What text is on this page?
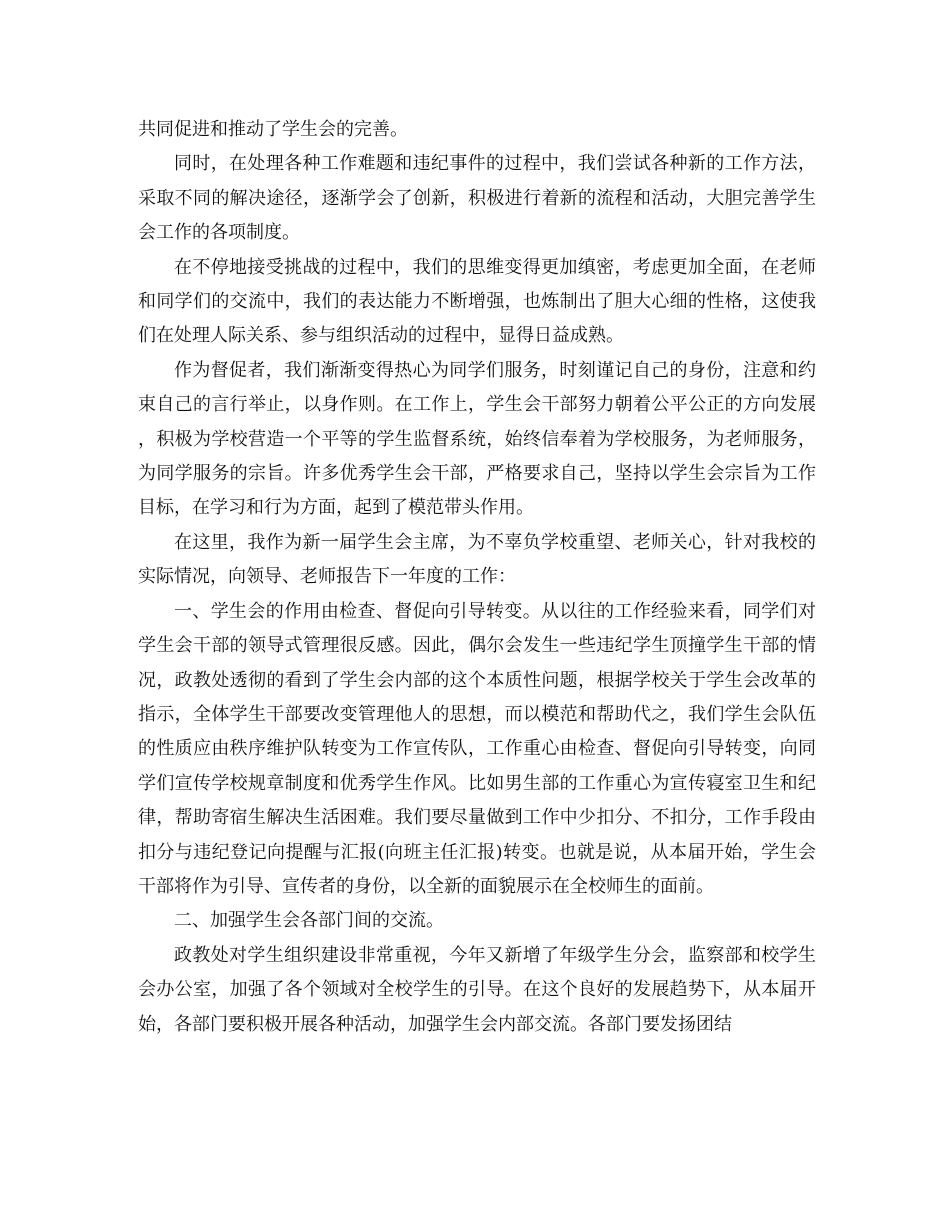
共同促进和推动了学生会的完善。

同时，在处理各种工作难题和违纪事件的过程中，我们尝试各种新的工作方法，采取不同的解决途径，逐渐学会了创新，积极进行着新的流程和活动，大胆完善学生会工作的各项制度。

在不停地接受挑战的过程中，我们的思维变得更加缜密，考虑更加全面，在老师和同学们的交流中，我们的表达能力不断增强，也炼制出了胆大心细的性格，这使我们在处理人际关系、参与组织活动的过程中，显得日益成熟。

作为督促者，我们渐渐变得热心为同学们服务，时刻谨记自己的身份，注意和约束自己的言行举止，以身作则。在工作上，学生会干部努力朝着公平公正的方向发展，积极为学校营造一个平等的学生监督系统，始终信奉着为学校服务，为老师服务，为同学服务的宗旨。许多优秀学生会干部，严格要求自己，坚持以学生会宗旨为工作目标，在学习和行为方面，起到了模范带头作用。

在这里，我作为新一届学生会主席，为不辜负学校重望、老师关心，针对我校的实际情况，向领导、老师报告下一年度的工作：

一、学生会的作用由检查、督促向引导转变。从以往的工作经验来看，同学们对学生会干部的领导式管理很反感。因此，偶尔会发生一些违纪学生顶撞学生干部的情况，政教处透彻的看到了学生会内部的这个本质性问题，根据学校关于学生会改革的指示，全体学生干部要改变管理他人的思想，而以模范和帮助代之，我们学生会队伍的性质应由秩序维护队转变为工作宣传队，工作重心由检查、督促向引导转变，向同学们宣传学校规章制度和优秀学生作风。比如男生部的工作重心为宣传寝室卫生和纪律，帮助寄宿生解决生活困难。我们要尽量做到工作中少扣分、不扣分，工作手段由扣分与违纪登记向提醒与汇报(向班主任汇报)转变。也就是说，从本届开始，学生会干部将作为引导、宣传者的身份，以全新的面貌展示在全校师生的面前。

二、加强学生会各部门间的交流。

政教处对学生组织建设非常重视，今年又新增了年级学生分会，监察部和校学生会办公室，加强了各个领域对全校学生的引导。在这个良好的发展趋势下，从本届开始，各部门要积极开展各种活动，加强学生会内部交流。各部门要发扬团结
